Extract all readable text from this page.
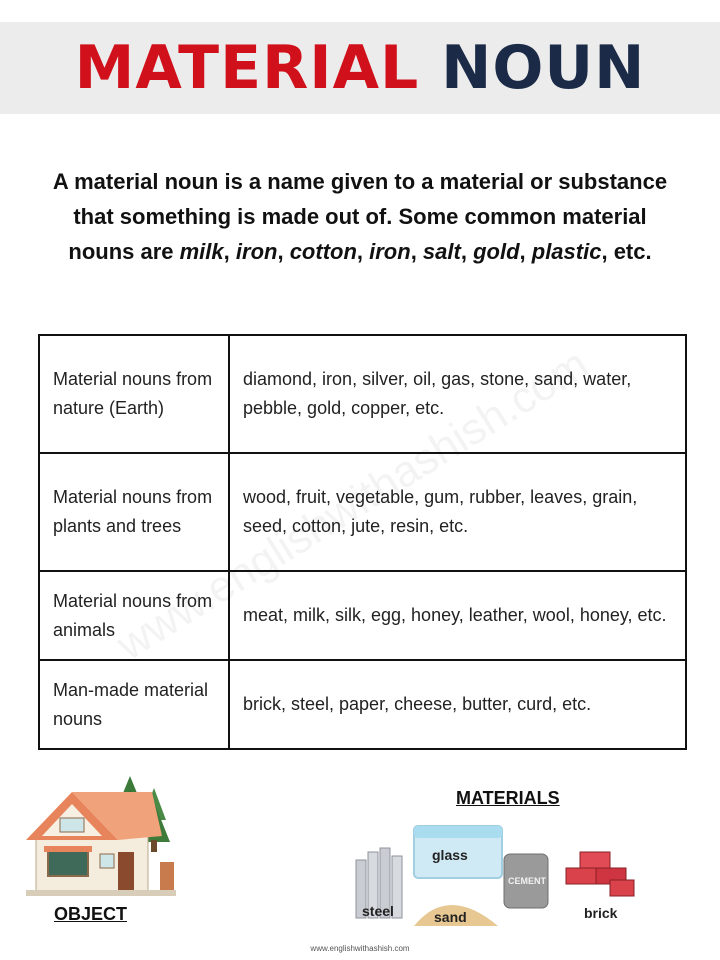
MATERIAL NOUN
A material noun is a name given to a material or substance that something is made out of. Some common material nouns are milk, iron, cotton, iron, salt, gold, plastic, etc.
Material nouns from nature (Earth)	diamond, iron, silver, oil, gas, stone, sand, water, pebble, gold, copper, etc.
Material nouns from plants and trees	wood, fruit, vegetable, gum, rubber, leaves, grain, seed, cotton, jute, resin, etc.
Material nouns from animals	meat, milk, silk, egg, honey, leather, wool, honey, etc.
Man-made material nouns	brick, steel, paper, cheese, butter, curd, etc.
OBJECT
MATERIALS
glass
steel	sand
CEMENT
brick
www.englishwithashish.com
